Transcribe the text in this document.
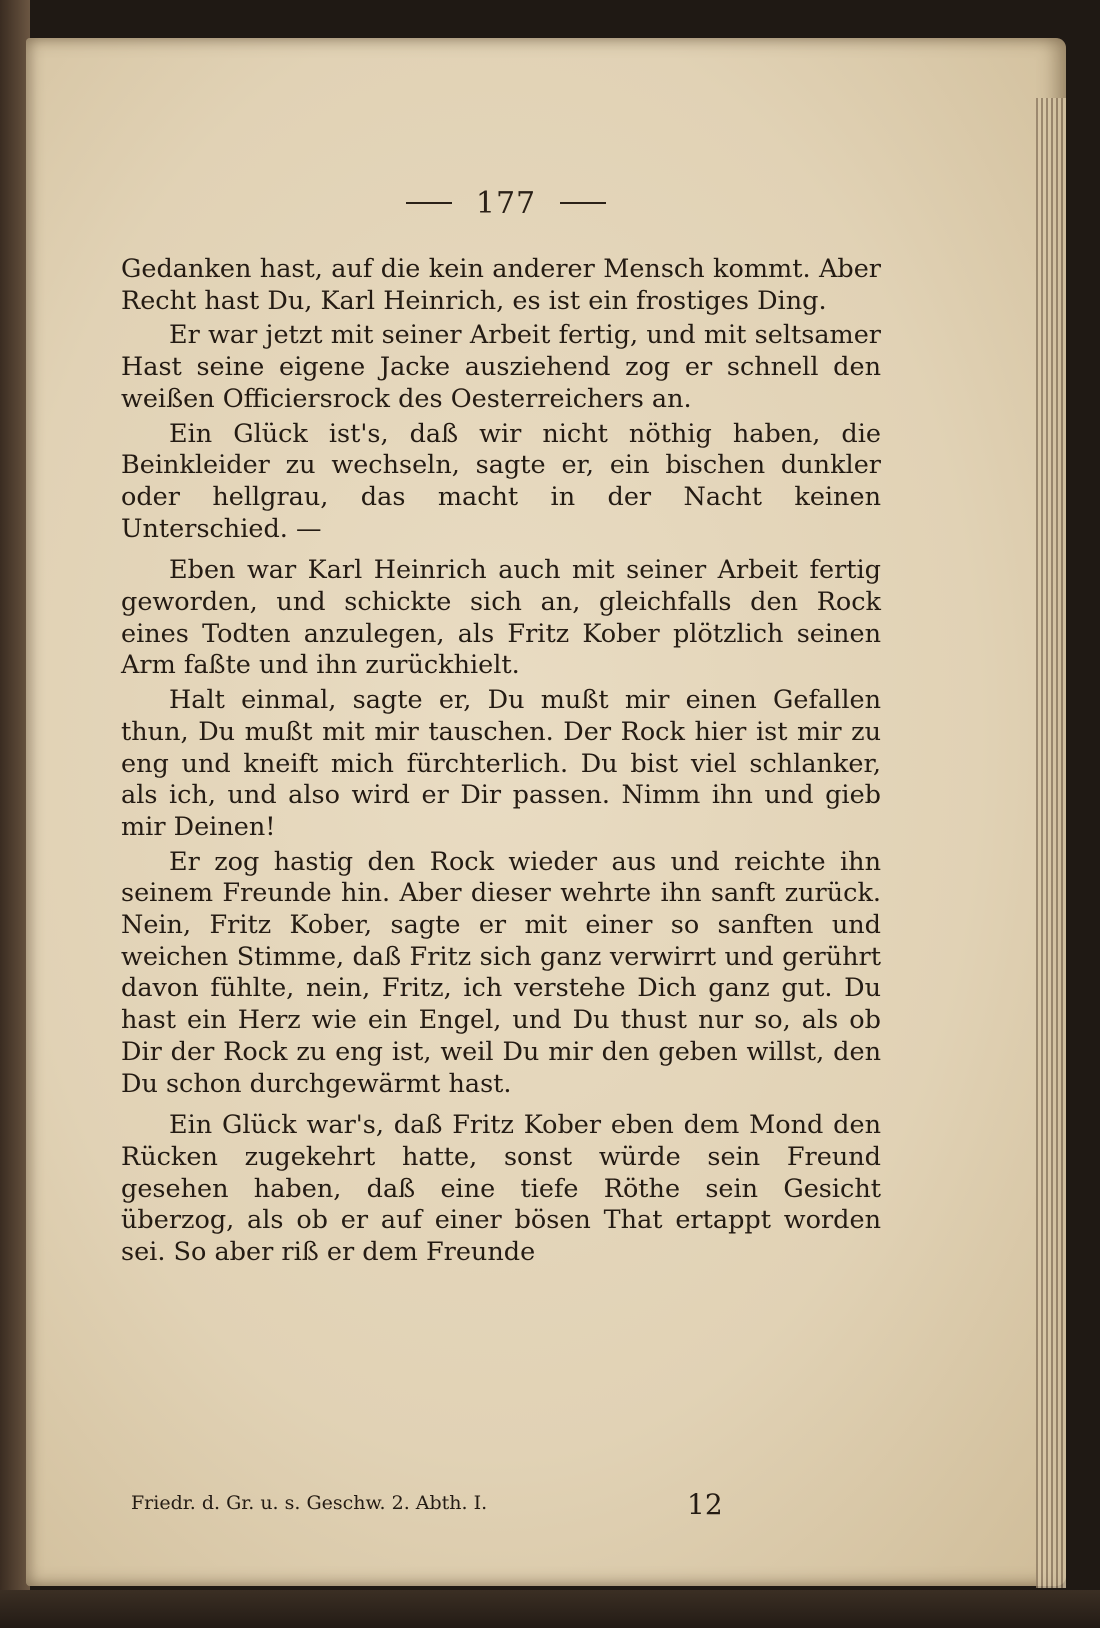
177

Gedanken hast, auf die kein anderer Mensch kommt. Aber Recht hast Du, Karl Heinrich, es ist ein frostiges Ding.

Er war jetzt mit seiner Arbeit fertig, und mit seltsamer Hast seine eigene Jacke ausziehend zog er schnell den weißen Officiersrock des Oesterreichers an.

Ein Glück ist's, daß wir nicht nöthig haben, die Beinkleider zu wechseln, sagte er, ein bischen dunkler oder hellgrau, das macht in der Nacht keinen Unterschied. —

Eben war Karl Heinrich auch mit seiner Arbeit fertig geworden, und schickte sich an, gleichfalls den Rock eines Todten anzulegen, als Fritz Kober plötzlich seinen Arm faßte und ihn zurückhielt.

Halt einmal, sagte er, Du mußt mir einen Gefallen thun, Du mußt mit mir tauschen. Der Rock hier ist mir zu eng und kneift mich fürchterlich. Du bist viel schlanker, als ich, und also wird er Dir passen. Nimm ihn und gieb mir Deinen!

Er zog hastig den Rock wieder aus und reichte ihn seinem Freunde hin. Aber dieser wehrte ihn sanft zurück. Nein, Fritz Kober, sagte er mit einer so sanften und weichen Stimme, daß Fritz sich ganz verwirrt und gerührt davon fühlte, nein, Fritz, ich verstehe Dich ganz gut. Du hast ein Herz wie ein Engel, und Du thust nur so, als ob Dir der Rock zu eng ist, weil Du mir den geben willst, den Du schon durchgewärmt hast.

Ein Glück war's, daß Fritz Kober eben dem Mond den Rücken zugekehrt hatte, sonst würde sein Freund gesehen haben, daß eine tiefe Röthe sein Gesicht überzog, als ob er auf einer bösen That ertappt worden sei. So aber riß er dem Freunde

Friedr. d. Gr. u. s. Geschw. 2. Abth. I.	12
